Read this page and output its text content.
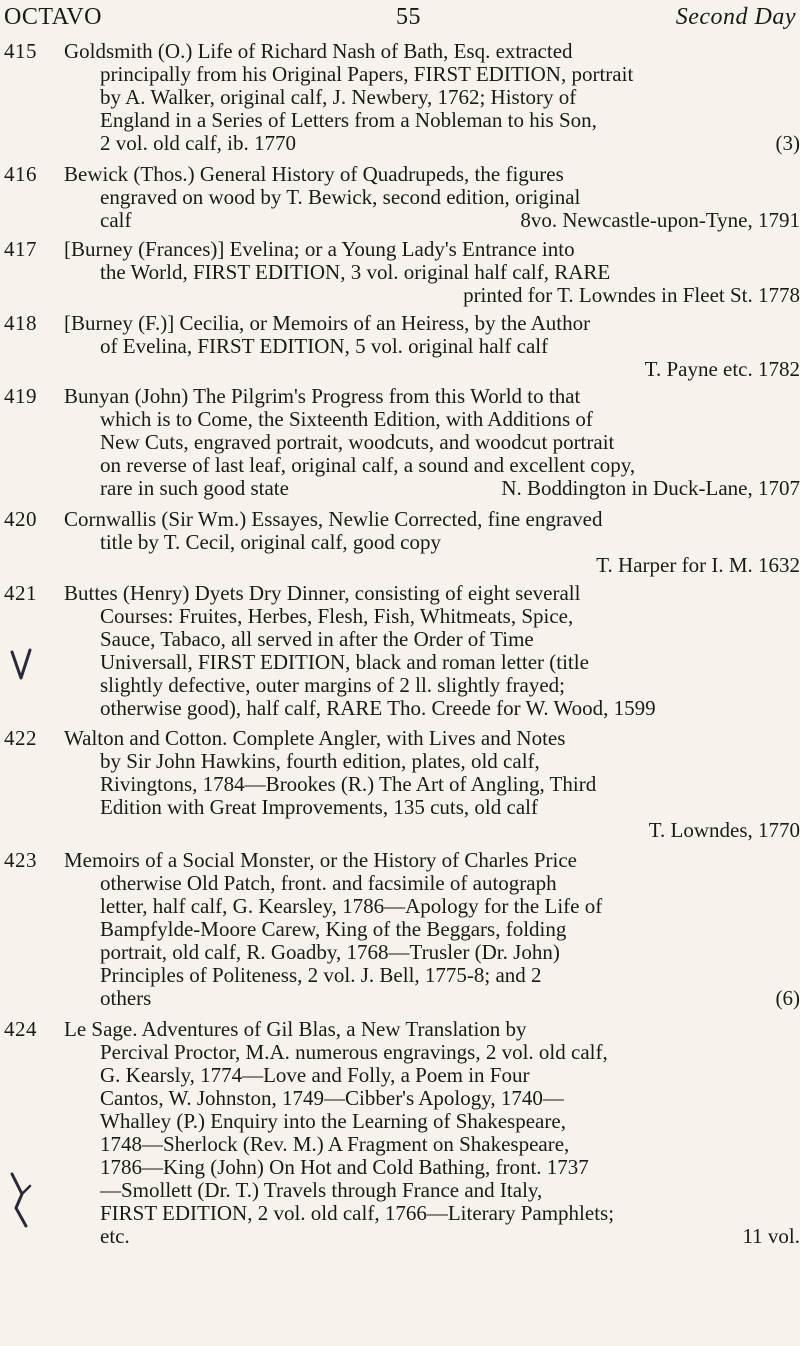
OCTAVO	55	Second Day
415 Goldsmith (O.) Life of Richard Nash of Bath, Esq. extracted
principally from his Original Papers, FIRST EDITION, portrait
by A. Walker, original calf, J. Newbery, 1762; History of
England in a Series of Letters from a Nobleman to his Son,
2 vol. old calf, ib. 1770	(3)
416 Bewick (Thos.) General History of Quadrupeds, the figures
engraved on wood by T. Bewick, second edition, original
calf	8vo. Newcastle-upon-Tyne, 1791
417 [Burney (Frances)] Evelina; or a Young Lady's Entrance into
the World, FIRST EDITION, 3 vol. original half calf, RARE
printed for T. Lowndes in Fleet St. 1778
418 [Burney (F.)] Cecilia, or Memoirs of an Heiress, by the Author
of Evelina, FIRST EDITION, 5 vol. original half calf
T. Payne etc. 1782
419 Bunyan (John) The Pilgrim's Progress from this World to that
which is to Come, the Sixteenth Edition, with Additions of
New Cuts, engraved portrait, woodcuts, and woodcut portrait
on reverse of last leaf, original calf, a sound and excellent copy,
rare in such good state	N. Boddington in Duck-Lane, 1707
420 Cornwallis (Sir Wm.) Essayes, Newlie Corrected, fine engraved
title by T. Cecil, original calf, good copy
T. Harper for I. M. 1632
421 Buttes (Henry) Dyets Dry Dinner, consisting of eight severall
Courses: Fruites, Herbes, Flesh, Fish, Whitmeats, Spice,
Sauce, Tabaco, all served in after the Order of Time
Universall, FIRST EDITION, black and roman letter (title
slightly defective, outer margins of 2 ll. slightly frayed;
otherwise good), half calf, RARE Tho. Creede for W. Wood, 1599
422 Walton and Cotton. Complete Angler, with Lives and Notes
by Sir John Hawkins, fourth edition, plates, old calf,
Rivingtons, 1784—Brookes (R.) The Art of Angling, Third
Edition with Great Improvements, 135 cuts, old calf
T. Lowndes, 1770
423 Memoirs of a Social Monster, or the History of Charles Price
otherwise Old Patch, front. and facsimile of autograph
letter, half calf, G. Kearsley, 1786—Apology for the Life of
Bampfylde-Moore Carew, King of the Beggars, folding
portrait, old calf, R. Goadby, 1768—Trusler (Dr. John)
Principles of Politeness, 2 vol. J. Bell, 1775-8; and 2
others	(6)
424 Le Sage. Adventures of Gil Blas, a New Translation by
Percival Proctor, M.A. numerous engravings, 2 vol. old calf,
G. Kearsly, 1774—Love and Folly, a Poem in Four
Cantos, W. Johnston, 1749—Cibber's Apology, 1740—
Whalley (P.) Enquiry into the Learning of Shakespeare,
1748—Sherlock (Rev. M.) A Fragment on Shakespeare,
1786—King (John) On Hot and Cold Bathing, front. 1737
—Smollett (Dr. T.) Travels through France and Italy,
FIRST EDITION, 2 vol. old calf, 1766—Literary Pamphlets;
etc.	11 vol.
